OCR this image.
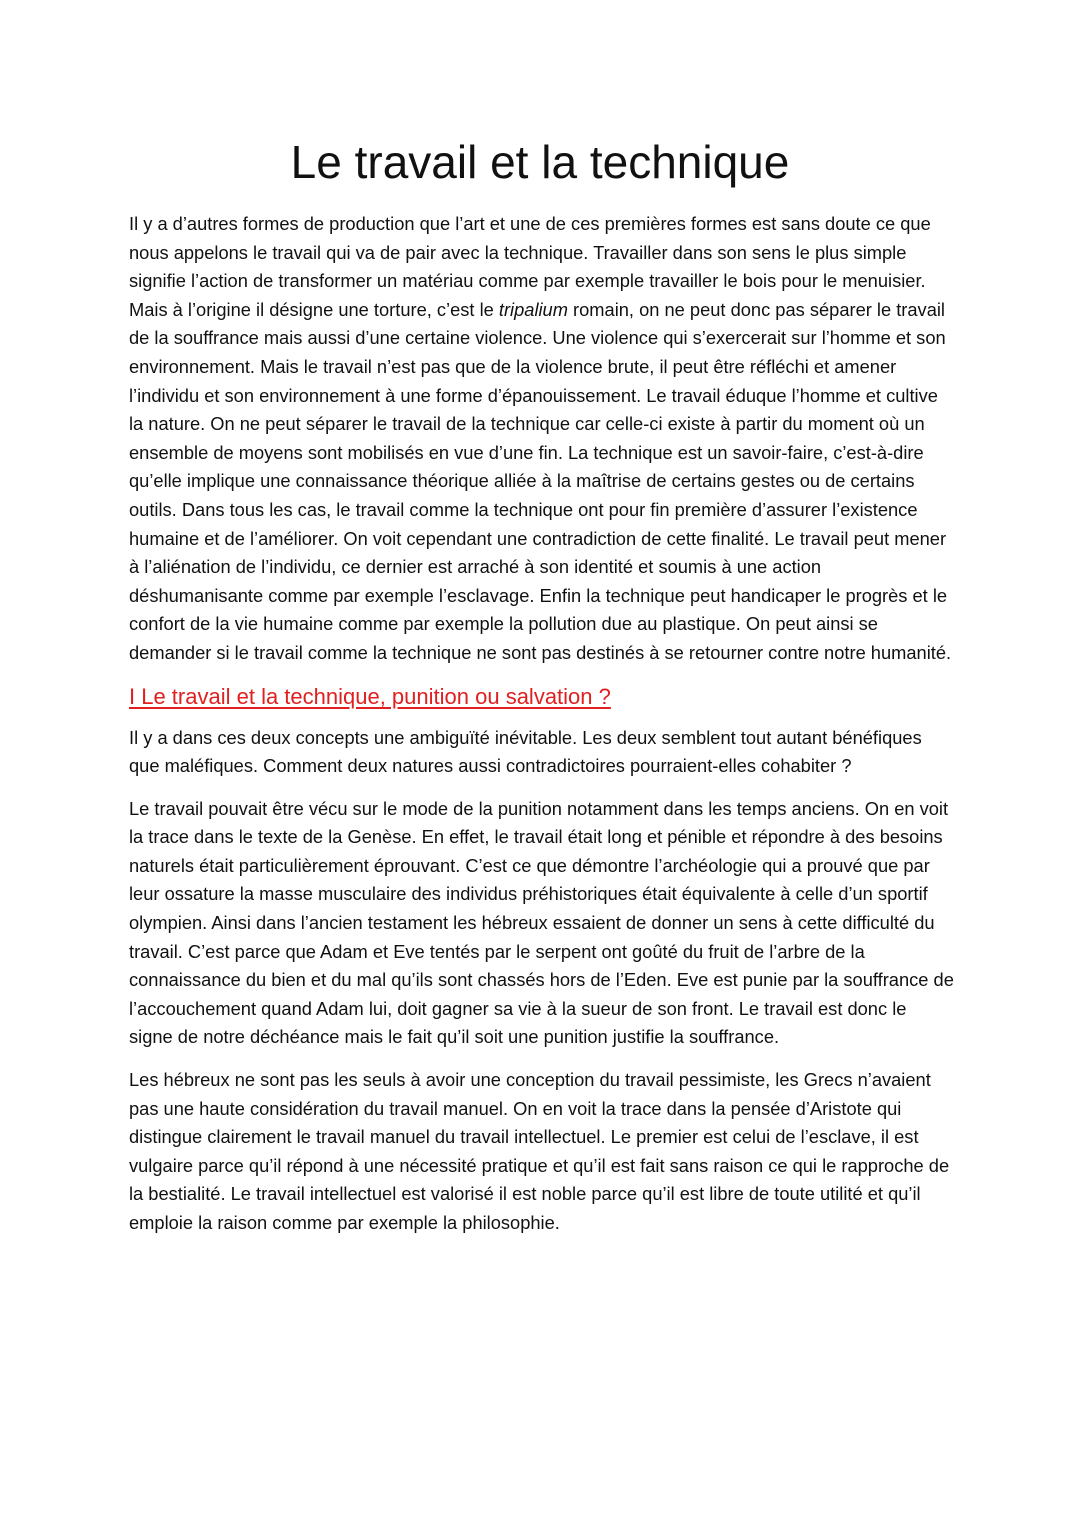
Le travail et la technique

Il y a d’autres formes de production que l’art et une de ces premières formes est sans doute ce que nous appelons le travail qui va de pair avec la technique. Travailler dans son sens le plus simple signifie l’action de transformer un matériau comme par exemple travailler le bois pour le menuisier. Mais à l’origine il désigne une torture, c’est le tripalium romain, on ne peut donc pas séparer le travail de la souffrance mais aussi d’une certaine violence. Une violence qui s’exercerait sur l’homme et son environnement. Mais le travail n’est pas que de la violence brute, il peut être réfléchi et amener l’individu et son environnement à une forme d’épanouissement. Le travail éduque l’homme et cultive la nature. On ne peut séparer le travail de la technique car celle-ci existe à partir du moment où un ensemble de moyens sont mobilisés en vue d’une fin. La technique est un savoir-faire, c’est-à-dire qu’elle implique une connaissance théorique alliée à la maîtrise de certains gestes ou de certains outils. Dans tous les cas, le travail comme la technique ont pour fin première d’assurer l’existence humaine et de l’améliorer. On voit cependant une contradiction de cette finalité. Le travail peut mener à l’aliénation de l’individu, ce dernier est arraché à son identité et soumis à une action déshumanisante comme par exemple l’esclavage. Enfin la technique peut handicaper le progrès et le confort de la vie humaine comme par exemple la pollution due au plastique. On peut ainsi se demander si le travail comme la technique ne sont pas destinés à se retourner contre notre humanité.

I Le travail et la technique, punition ou salvation ?

Il y a dans ces deux concepts une ambiguïté inévitable. Les deux semblent tout autant bénéfiques que maléfiques. Comment deux natures aussi contradictoires pourraient-elles cohabiter ?

Le travail pouvait être vécu sur le mode de la punition notamment dans les temps anciens. On en voit la trace dans le texte de la Genèse. En effet, le travail était long et pénible et répondre à des besoins naturels était particulièrement éprouvant. C’est ce que démontre l’archéologie qui a prouvé que par leur ossature la masse musculaire des individus préhistoriques était équivalente à celle d’un sportif olympien. Ainsi dans l’ancien testament les hébreux essaient de donner un sens à cette difficulté du travail. C’est parce que Adam et Eve tentés par le serpent ont goûté du fruit de l’arbre de la connaissance du bien et du mal qu’ils sont chassés hors de l’Eden. Eve est punie par la souffrance de l’accouchement quand Adam lui, doit gagner sa vie à la sueur de son front. Le travail est donc le signe de notre déchéance mais le fait qu’il soit une punition justifie la souffrance.

Les hébreux ne sont pas les seuls à avoir une conception du travail pessimiste, les Grecs n’avaient pas une haute considération du travail manuel. On en voit la trace dans la pensée d’Aristote qui distingue clairement le travail manuel du travail intellectuel. Le premier est celui de l’esclave, il est vulgaire parce qu’il répond à une nécessité pratique et qu’il est fait sans raison ce qui le rapproche de la bestialité. Le travail intellectuel est valorisé il est noble parce qu’il est libre de toute utilité et qu’il emploie la raison comme par exemple la philosophie.
